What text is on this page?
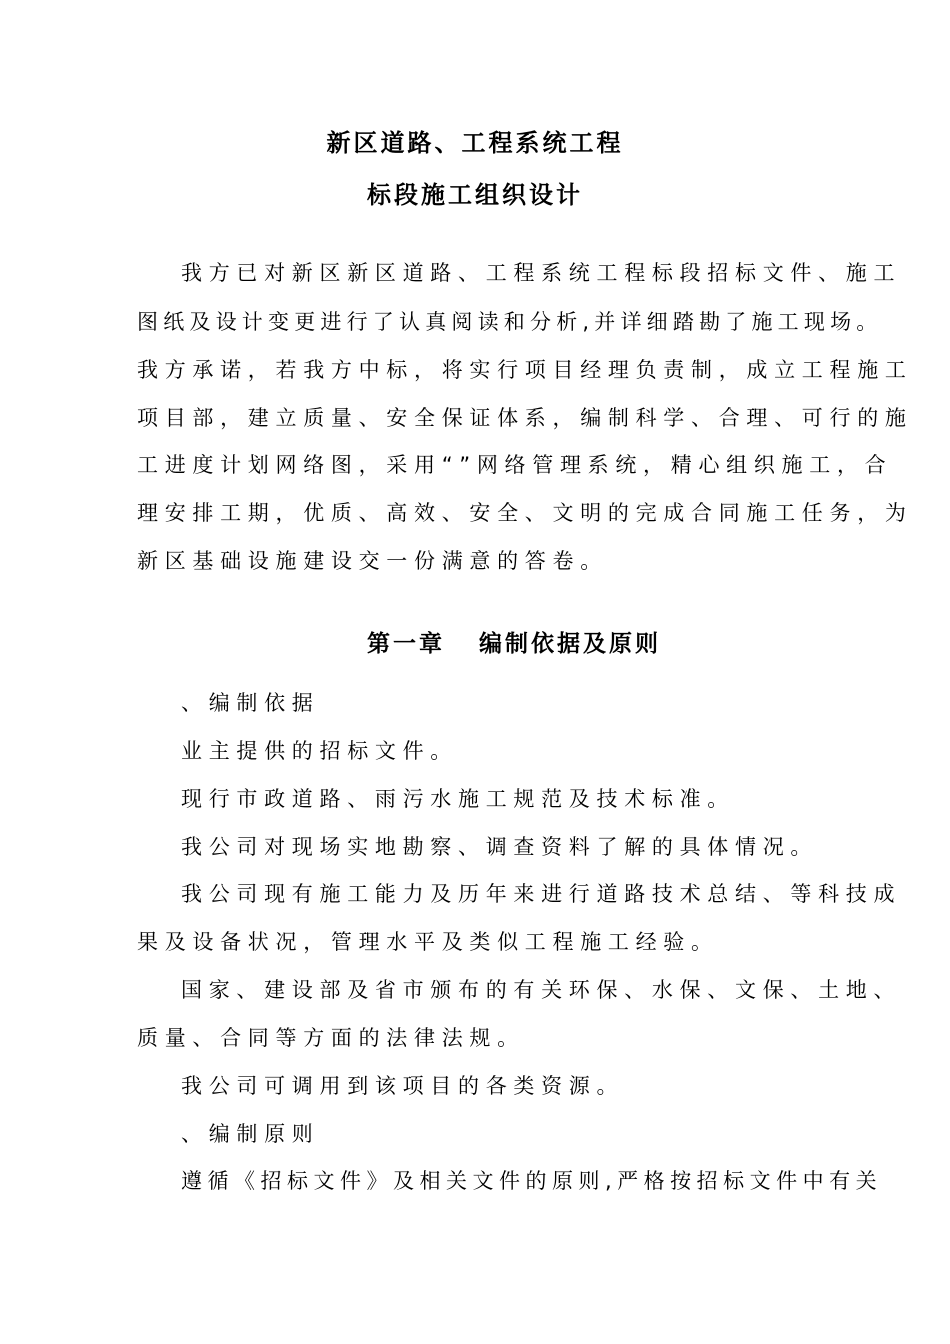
新区道路、工程系统工程
标段施工组织设计
我方已对新区新区道路、工程系统工程标段招标文件、施工
图纸及设计变更进行了认真阅读和分析,并详细踏勘了施工现场。
我方承诺，若我方中标，将实行项目经理负责制，成立工程施工
项目部，建立质量、安全保证体系，编制科学、合理、可行的施
工进度计划网络图，采用“”网络管理系统，精心组织施工，合
理安排工期，优质、高效、安全、文明的完成合同施工任务，为
新区基础设施建设交一份满意的答卷。
第一章 编制依据及原则
、编制依据
业主提供的招标文件。
现行市政道路、雨污水施工规范及技术标准。
我公司对现场实地勘察、调查资料了解的具体情况。
我公司现有施工能力及历年来进行道路技术总结、等科技成
果及设备状况，管理水平及类似工程施工经验。
国家、建设部及省市颁布的有关环保、水保、文保、土地、
质量、合同等方面的法律法规。
我公司可调用到该项目的各类资源。
、编制原则
遵循《招标文件》及相关文件的原则,严格按招标文件中有关
